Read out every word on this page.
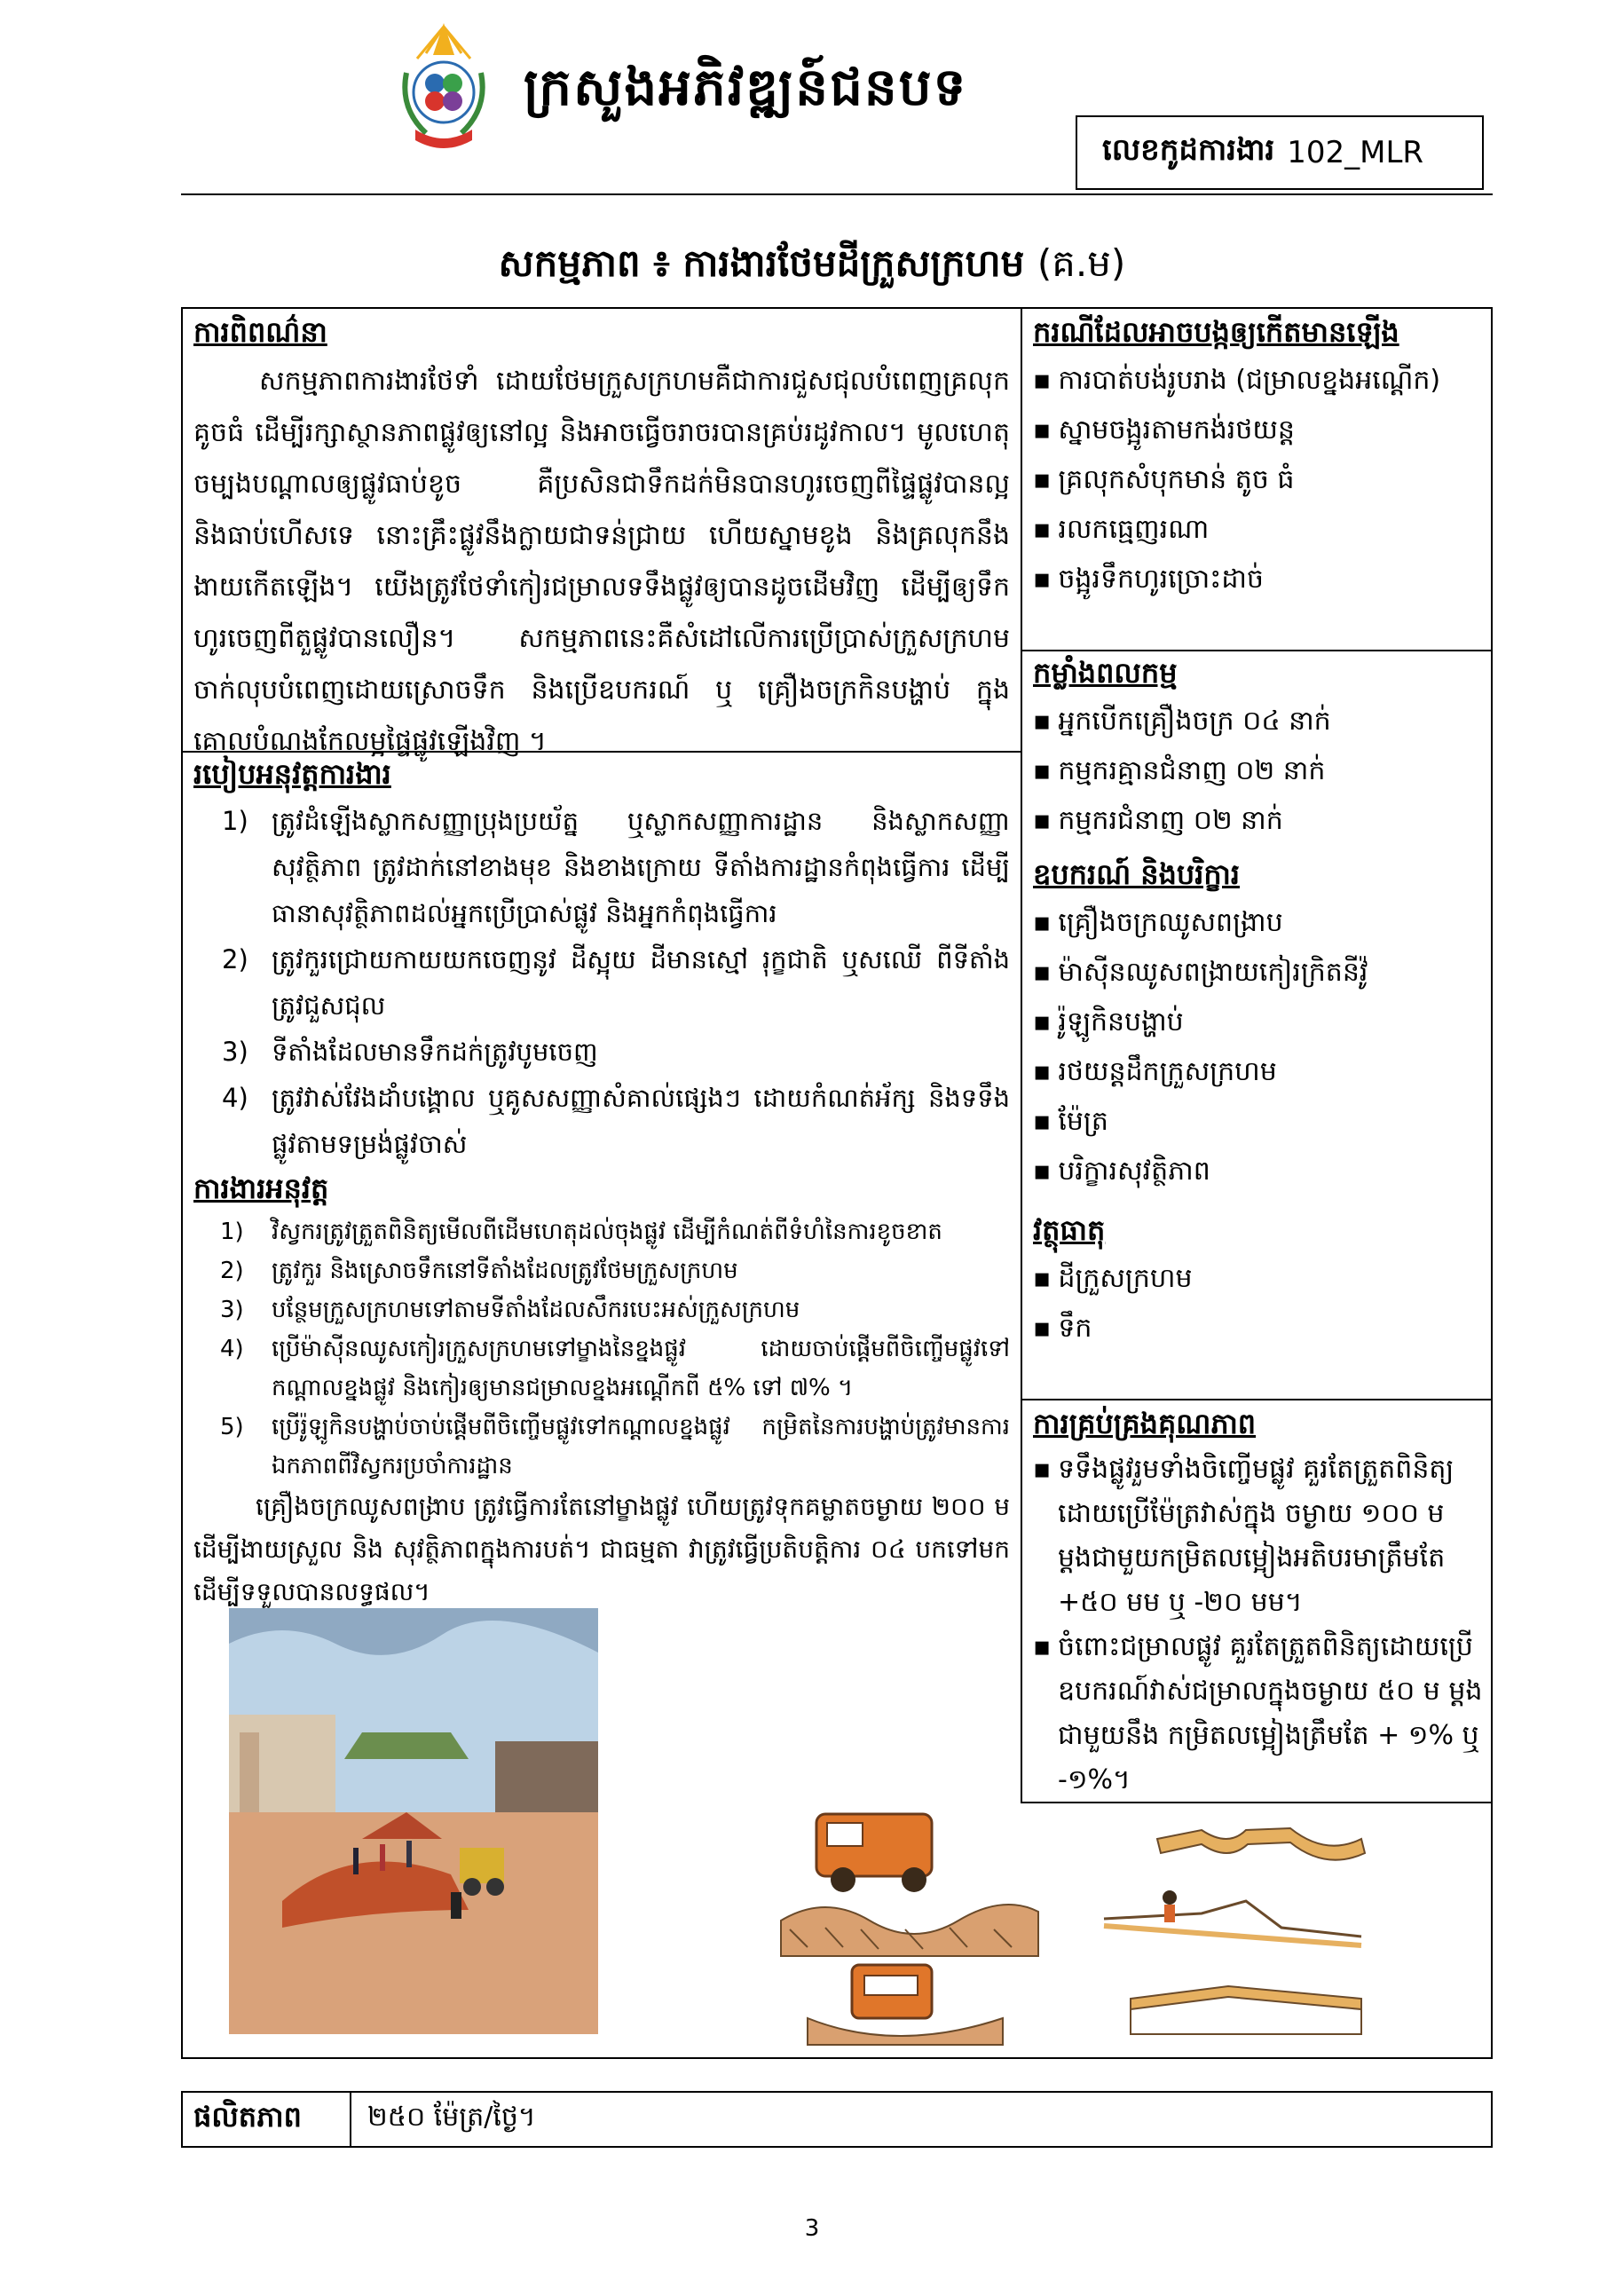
ក្រសួងអភិវឌ្ឍន៍ជនបទ
លេខកូដការងារ 102_MLR
សកម្មភាព ៖ ការងារថែមដីក្រួសក្រហម (គ.ម)
ការពិពណ៌នា
សកម្មភាពការងារថែទាំ ដោយថែមក្រួសក្រហមគឺជាការជួសជុលបំពេញគ្រលុក គូចធំ ដើម្បីរក្សាស្ថានភាពផ្លូវឲ្យនៅល្អ និងអាចធ្វើចរាចរបានគ្រប់រដូវកាល។ មូលហេតុចម្បងបណ្តាលឲ្យផ្លូវធាប់ខូច គឺប្រសិនជាទឹកដក់មិនបានហូរចេញពីផ្ទៃផ្លូវបានល្អ និងធាប់ហើសទេ នោះគ្រឹះផ្លូវនឹងក្លាយជាទន់ជ្រាយ ហើយស្នាមខូង និងគ្រលុកនឹងងាយកើតឡើង។ យើងត្រូវថែទាំកៀរជម្រាលទទឹងផ្លូវឲ្យបានដូចដើមវិញ ដើម្បីឲ្យទឹកហូរចេញពីតួផ្លូវបានលឿន។ សកម្មភាពនេះគឺសំដៅលើការប្រើប្រាស់ក្រួសក្រហមចាក់លុបបំពេញដោយស្រោចទឹក និងប្រើឧបករណ៍ ឬ គ្រឿងចក្រកិនបង្ហាប់ ក្នុងគោលបំណងកែលម្អផ្ទៃផ្លូវឡើងវិញ ។
របៀបអនុវត្តការងារ
1) ត្រូវដំឡើងស្លាកសញ្ញាប្រុងប្រយ័ត្ន ឬស្លាកសញ្ញាការដ្ឋាន និងស្លាកសញ្ញាសុវត្ថិភាព ត្រូវដាក់នៅខាងមុខ និងខាងក្រោយ ទីតាំងការដ្ឋានកំពុងធ្វើការ ដើម្បីធានាសុវត្ថិភាពដល់អ្នកប្រើប្រាស់ផ្លូវ និងអ្នកកំពុងធ្វើការ
2) ត្រូវកួរជ្រោយកាយយកចេញនូវ ដីស្អុយ ដីមានស្មៅ រុក្ខជាតិ ឬសឈើ ពីទីតាំងត្រូវជួសជុល
3) ទីតាំងដែលមានទឹកដក់ត្រូវបូមចេញ
4) ត្រូវវាស់វែងដាំបង្គោល ឬគូសសញ្ញាសំគាល់ផ្សេងៗ ដោយកំណត់អ័ក្ស និងទទឹងផ្លូវតាមទម្រង់ផ្លូវចាស់
ការងារអនុវត្ត
1)	វិស្វករត្រូវត្រួតពិនិត្យមើលពីដើមហេតុដល់ចុងផ្លូវ ដើម្បីកំណត់ពីទំហំនៃការខូចខាត
2)	ត្រូវកួរ និងស្រោចទឹកនៅទីតាំងដែលត្រូវថែមក្រួសក្រហម
3)	បន្ថែមក្រួសក្រហមទៅតាមទីតាំងដែលសឹករបេះអស់ក្រួសក្រហម
4)	ប្រើម៉ាស៊ីនឈូសកៀរក្រួសក្រហមទៅម្ខាងនៃខ្នងផ្លូវ ដោយចាប់ផ្តើមពីចិញ្ចើមផ្លូវទៅកណ្តាលខ្នងផ្លូវ និងកៀរឲ្យមានជម្រាលខ្នងអណ្តើកពី ៥% ទៅ ៧% ។
5)	ប្រើរ៉ូឡូកិនបង្ហាប់ចាប់ផ្តើមពីចិញ្ចើមផ្លូវទៅកណ្តាលខ្នងផ្លូវ កម្រិតនៃការបង្ហាប់ត្រូវមានការឯកភាពពីវិស្វករប្រចាំការដ្ឋាន
គ្រឿងចក្រឈូសពង្រាប ត្រូវធ្វើការតែនៅម្ខាងផ្លូវ ហើយត្រូវទុកគម្លាតចម្ងាយ ២០០ ម ដើម្បីងាយស្រួល និង សុវត្ថិភាពក្នុងការបត់។ ជាធម្មតា វាត្រូវធ្វើប្រតិបត្តិការ ០៤ បកទៅមក ដើម្បីទទួលបានលទ្ធផល។
ករណីដែលអាចបង្កឲ្យកើតមានឡើង
▪ ការបាត់បង់រូបរាង (ជម្រាលខ្នងអណ្តើក)
▪ ស្នាមចង្អូរតាមកង់រថយន្ត
▪ គ្រលុកសំបុកមាន់ តូច ធំ
▪ រលកធ្មេញរណា
▪ ចង្អូរទឹកហូរច្រោះដាច់
កម្លាំងពលកម្ម
▪ អ្នកបើកគ្រឿងចក្រ ០៤ នាក់
▪ កម្មករគ្មានជំនាញ ០២ នាក់
▪ កម្មករជំនាញ ០២ នាក់
ឧបករណ៍ និងបរិក្ខារ
▪ គ្រឿងចក្រឈូសពង្រាប
▪ ម៉ាស៊ីនឈូសពង្រាយកៀរក្រិតនីវ៉ូ
▪ រ៉ូឡូកិនបង្ហាប់
▪ រថយន្តដឹកក្រួសក្រហម
▪ ម៉ែត្រ
▪ បរិក្ខារសុវត្ថិភាព
វត្ថុធាតុ
▪ ដីក្រួសក្រហម
▪ ទឹក
ការគ្រប់គ្រងគុណភាព
▪ ទទឹងផ្លូវរួមទាំងចិញ្ចើមផ្លូវ គួរតែត្រួតពិនិត្យ ដោយប្រើម៉ែត្រវាស់ក្នុង ចម្ងាយ ១០០ ម ម្តងជាមួយកម្រិតលម្អៀងអតិបរមាត្រឹមតែ +៥០ មម ឬ -២០ មម។
▪ ចំពោះជម្រាលផ្លូវ គួរតែត្រួតពិនិត្យដោយប្រើឧបករណ៍វាស់ជម្រាលក្នុងចម្ងាយ ៥០ ម ម្តងជាមួយនឹង កម្រិតលម្អៀងត្រឹមតែ + ១% ឬ -១%។
ផលិតភាព	២៥០ ម៉ែត្រ/ថ្ងៃ។
3
